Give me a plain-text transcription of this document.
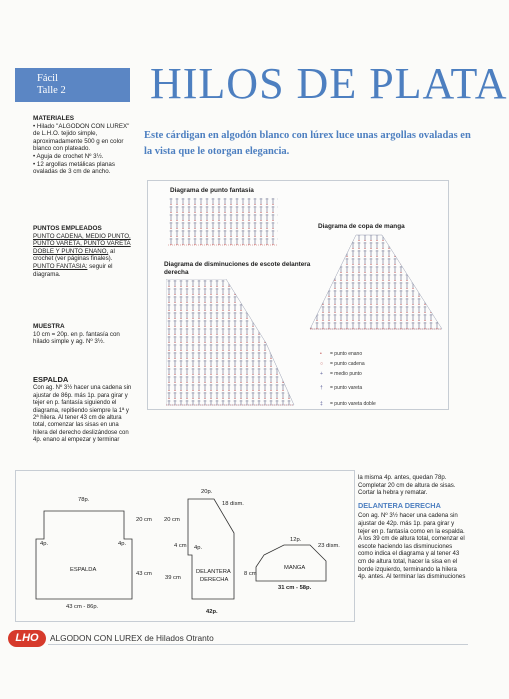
Fácil
Talle 2	HILOS DE PLATA
Este cárdigan en algodón blanco con lúrex luce unas argollas ovaladas en la vista que le otorgan elegancia.
MATERIALES
• Hilado "ALGODON CON LUREX" de L.H.O. tejido simple, aproximadamente 500 g en color blanco con plateado.
• Aguja de crochet Nº 3½.
• 12 argollas metálicas planas ovaladas de 3 cm de ancho.
PUNTOS EMPLEADOS
PUNTO CADENA, MEDIO PUNTO, PUNTO VARETA, PUNTO VARETA DOBLE Y PUNTO ENANO, al crochet (ver páginas finales).
PUNTO FANTASIA: seguir el diagrama.
MUESTRA
10 cm = 20p. en p. fantasía con hilado simple y ag. Nº 3½.
ESPALDA
Con ag. Nº 3½ hacer una cadena sin ajustar de 86p. más 1p. para girar y tejer en p. fantasía siguiendo el diagrama, repitiendo siempre la 1ª y 2ª hilera. Al tener 43 cm de altura total, comenzar las sisas en una hilera del derecho deslizándose con 4p. enano al empezar y terminar
Diagrama de punto fantasía
Diagrama de copa de manga
Diagrama de disminuciones de escote delantera derecha
• = punto enano
○ = punto cadena
+ = medio punto
† = punto vareta
‡ = punto vareta doble
78p.
20 cm
43 cm
4p.	4p.
ESPALDA
43 cm - 86p.
20p.
18 dism.
20 cm
4 cm
39 cm
4p.
DELANTERA
DERECHA
42p.
12p.
23 dism.
8 cm
MANGA
31 cm - 58p.
la misma 4p. antes, quedan 78p. Completar 20 cm de altura de sisas. Cortar la hebra y rematar.
DELANTERA DERECHA
Con ag. Nº 3½ hacer una cadena sin ajustar de 42p. más 1p. para girar y tejer en p. fantasía como en la espalda. A los 39 cm de altura total, comenzar el escote haciendo las disminuciones como indica el diagrama y al tener 43 cm de altura total, hacer la sisa en el borde izquierdo, terminando la hilera 4p. antes. Al terminar las disminuciones
LHO	ALGODON CON LUREX de Hilados Otranto
